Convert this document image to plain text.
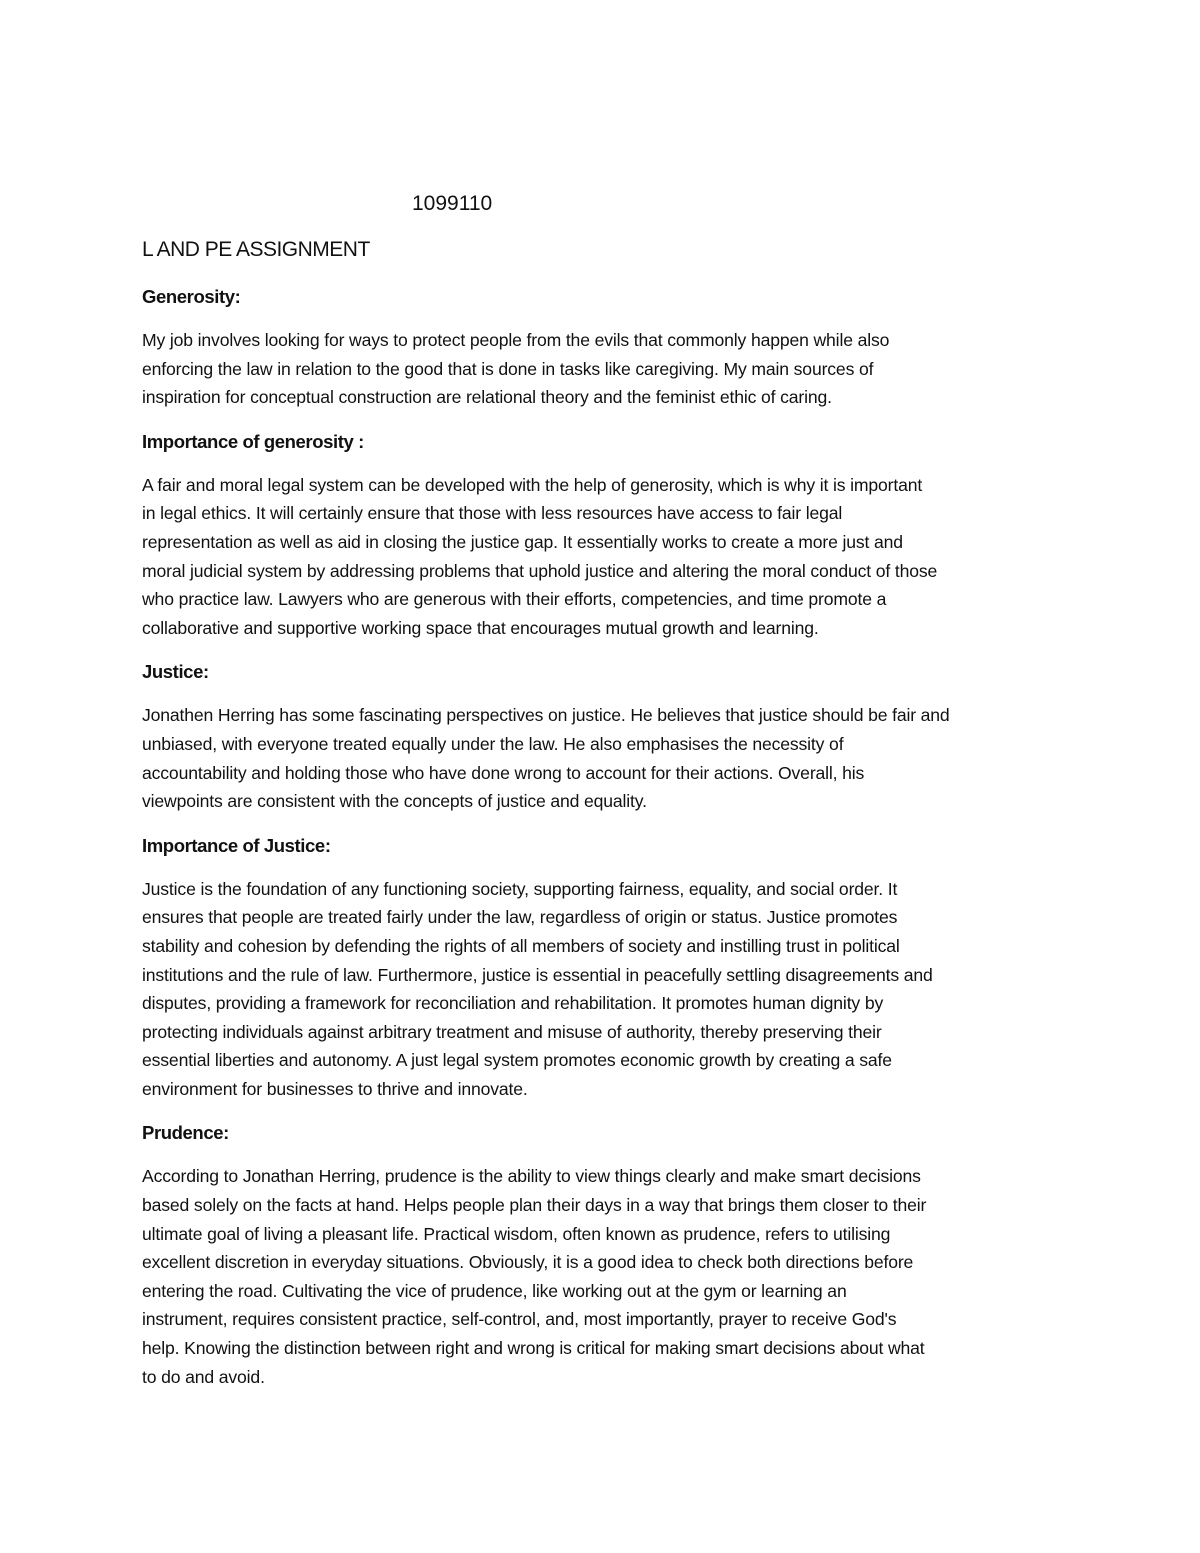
1099110
L AND PE ASSIGNMENT
Generosity:
My job involves looking for ways to protect people from the evils that commonly happen while also
enforcing the law in relation to the good that is done in tasks like caregiving. My main sources of
inspiration for conceptual construction are relational theory and the feminist ethic of caring.
Importance of generosity :
A fair and moral legal system can be developed with the help of generosity, which is why it is important
in legal ethics. It will certainly ensure that those with less resources have access to fair legal
representation as well as aid in closing the justice gap. It essentially works to create a more just and
moral judicial system by addressing problems that uphold justice and altering the moral conduct of those
who practice law. Lawyers who are generous with their efforts, competencies, and time promote a
collaborative and supportive working space that encourages mutual growth and learning.
Justice:
Jonathen Herring has some fascinating perspectives on justice. He believes that justice should be fair and
unbiased, with everyone treated equally under the law. He also emphasises the necessity of
accountability and holding those who have done wrong to account for their actions. Overall, his
viewpoints are consistent with the concepts of justice and equality.
Importance of Justice:
Justice is the foundation of any functioning society, supporting fairness, equality, and social order. It
ensures that people are treated fairly under the law, regardless of origin or status. Justice promotes
stability and cohesion by defending the rights of all members of society and instilling trust in political
institutions and the rule of law. Furthermore, justice is essential in peacefully settling disagreements and
disputes, providing a framework for reconciliation and rehabilitation. It promotes human dignity by
protecting individuals against arbitrary treatment and misuse of authority, thereby preserving their
essential liberties and autonomy. A just legal system promotes economic growth by creating a safe
environment for businesses to thrive and innovate.
Prudence:
According to Jonathan Herring, prudence is the ability to view things clearly and make smart decisions
based solely on the facts at hand. Helps people plan their days in a way that brings them closer to their
ultimate goal of living a pleasant life. Practical wisdom, often known as prudence, refers to utilising
excellent discretion in everyday situations. Obviously, it is a good idea to check both directions before
entering the road. Cultivating the vice of prudence, like working out at the gym or learning an
instrument, requires consistent practice, self-control, and, most importantly, prayer to receive God's
help. Knowing the distinction between right and wrong is critical for making smart decisions about what
to do and avoid.
